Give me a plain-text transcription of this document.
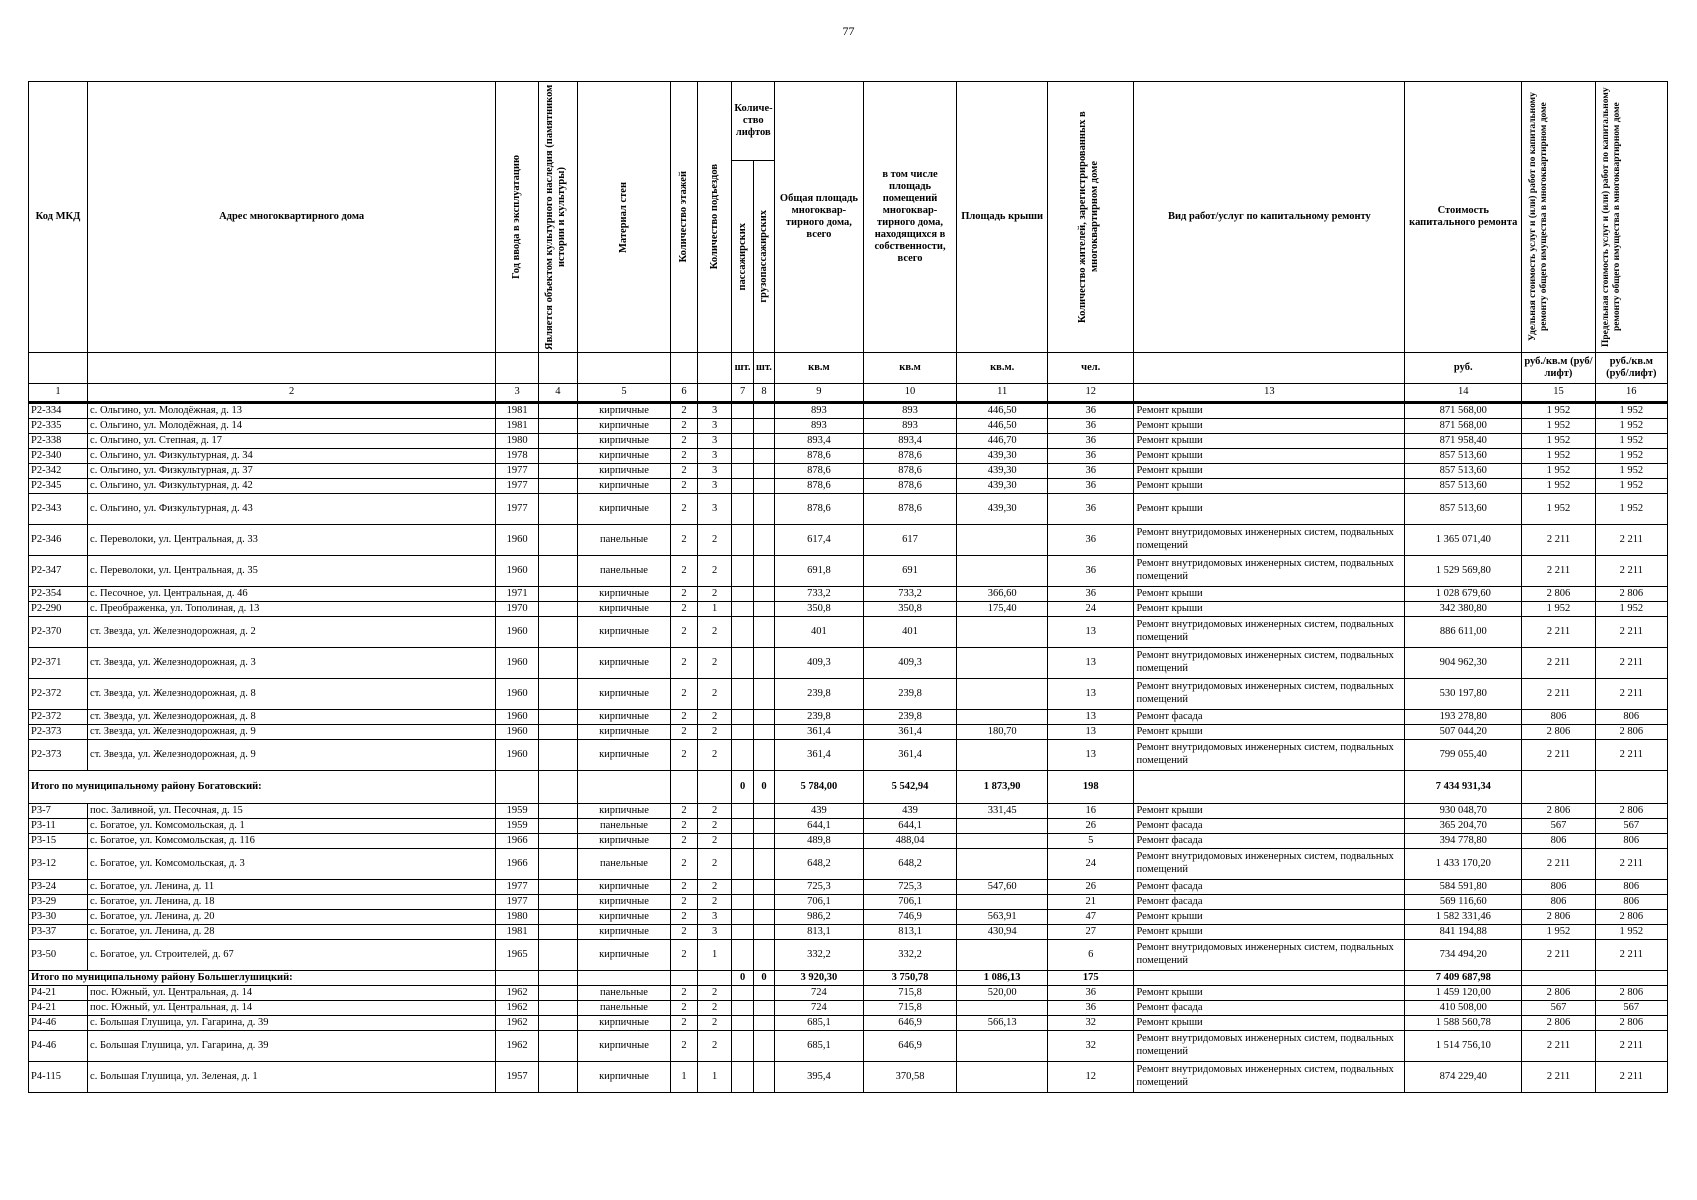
77
Код МКД	Адрес многоквартирного дома	Год ввода в эксплуатацию	Является объектом культурного наследия (памятником истории и культуры)	Материал стен	Количество этажей	Количество подъездов	Количе-ство лифтов		Общая площадь многоквар-тирного дома, всего	в том числе площадь помещений многоквар-тирного дома, находящихся в собственности, всего	Площадь крыши	Количество жителей, зарегистрированных в многоквартирном доме	Вид работ/услуг по капитальному ремонту	Стоимость капитального ремонта	Удельная стоимость услуг и (или) работ по капитальному ремонту общего имущества в многоквартирном доме	Предельная стоимость услуг и (или) работ по капитальному ремонту общего имущества в многоквартирном доме

							пассажирских	грузопассажирских								

							шт.	шт.	кв.м	кв.м	кв.м.	чел.		руб.	руб./кв.м (руб/лифт)	руб./кв.м (руб/лифт)
1	2	3	4	5	6		7	8	9	10	11	12	13	14	15	16
Р2-334	с. Ольгино, ул. Молодёжная, д. 13	1981		кирпичные	2	3			893	893	446,50	36	Ремонт крыши	871 568,00	1 952	1 952
Р2-335	с. Ольгино, ул. Молодёжная, д. 14	1981		кирпичные	2	3			893	893	446,50	36	Ремонт крыши	871 568,00	1 952	1 952
Р2-338	с. Ольгино, ул. Степная, д. 17	1980		кирпичные	2	3			893,4	893,4	446,70	36	Ремонт крыши	871 958,40	1 952	1 952
Р2-340	с. Ольгино, ул. Физкультурная, д. 34	1978		кирпичные	2	3			878,6	878,6	439,30	36	Ремонт крыши	857 513,60	1 952	1 952
Р2-342	с. Ольгино, ул. Физкультурная, д. 37	1977		кирпичные	2	3			878,6	878,6	439,30	36	Ремонт крыши	857 513,60	1 952	1 952
Р2-345	с. Ольгино, ул. Физкультурная, д. 42	1977		кирпичные	2	3			878,6	878,6	439,30	36	Ремонт крыши	857 513,60	1 952	1 952
Р2-343	с. Ольгино, ул. Физкультурная, д. 43	1977		кирпичные	2	3			878,6	878,6	439,30	36	Ремонт крыши	857 513,60	1 952	1 952
Р2-346	с. Переволоки, ул. Центральная, д. 33	1960		панельные	2	2			617,4	617		36	Ремонт внутридомовых инженерных систем, подвальных помещений	1 365 071,40	2 211	2 211
Р2-347	с. Переволоки, ул. Центральная, д. 35	1960		панельные	2	2			691,8	691		36	Ремонт внутридомовых инженерных систем, подвальных помещений	1 529 569,80	2 211	2 211
Р2-354	с. Песочное, ул. Центральная, д. 46	1971		кирпичные	2	2			733,2	733,2	366,60	36	Ремонт крыши	1 028 679,60	2 806	2 806
Р2-290	с. Преображенка, ул. Тополиная, д. 13	1970		кирпичные	2	1			350,8	350,8	175,40	24	Ремонт крыши	342 380,80	1 952	1 952
Р2-370	ст. Звезда, ул. Железнодорожная, д. 2	1960		кирпичные	2	2			401	401		13	Ремонт внутридомовых инженерных систем, подвальных помещений	886 611,00	2 211	2 211
Р2-371	ст. Звезда, ул. Железнодорожная, д. 3	1960		кирпичные	2	2			409,3	409,3		13	Ремонт внутридомовых инженерных систем, подвальных помещений	904 962,30	2 211	2 211
Р2-372	ст. Звезда, ул. Железнодорожная, д. 8	1960		кирпичные	2	2			239,8	239,8		13	Ремонт внутридомовых инженерных систем, подвальных помещений	530 197,80	2 211	2 211
Р2-372	ст. Звезда, ул. Железнодорожная, д. 8	1960		кирпичные	2	2			239,8	239,8		13	Ремонт фасада	193 278,80	806	806
Р2-373	ст. Звезда, ул. Железнодорожная, д. 9	1960		кирпичные	2	2			361,4	361,4	180,70	13	Ремонт крыши	507 044,20	2 806	2 806
Р2-373	ст. Звезда, ул. Железнодорожная, д. 9	1960		кирпичные	2	2			361,4	361,4		13	Ремонт внутридомовых инженерных систем, подвальных помещений	799 055,40	2 211	2 211
Итого по муниципальному району Богатовский:							0	0	5 784,00	5 542,94	1 873,90	198		7 434 931,34		
Р3-7	пос. Заливной, ул. Песочная, д. 15	1959		кирпичные	2	2			439	439	331,45	16	Ремонт крыши	930 048,70	2 806	2 806
Р3-11	с. Богатое, ул. Комсомольская, д. 1	1959		панельные	2	2			644,1	644,1		26	Ремонт фасада	365 204,70	567	567
Р3-15	с. Богатое, ул. Комсомольская, д. 116	1966		кирпичные	2	2			489,8	488,04		5	Ремонт фасада	394 778,80	806	806
Р3-12	с. Богатое, ул. Комсомольская, д. 3	1966		панельные	2	2			648,2	648,2		24	Ремонт внутридомовых инженерных систем, подвальных помещений	1 433 170,20	2 211	2 211
Р3-24	с. Богатое, ул. Ленина, д. 11	1977		кирпичные	2	2			725,3	725,3	547,60	26	Ремонт фасада	584 591,80	806	806
Р3-29	с. Богатое, ул. Ленина, д. 18	1977		кирпичные	2	2			706,1	706,1		21	Ремонт фасада	569 116,60	806	806
Р3-30	с. Богатое, ул. Ленина, д. 20	1980		кирпичные	2	3			986,2	746,9	563,91	47	Ремонт крыши	1 582 331,46	2 806	2 806
Р3-37	с. Богатое, ул. Ленина, д. 28	1981		кирпичные	2	3			813,1	813,1	430,94	27	Ремонт крыши	841 194,88	1 952	1 952
Р3-50	с. Богатое, ул. Строителей, д. 67	1965		кирпичные	2	1			332,2	332,2		6	Ремонт внутридомовых инженерных систем, подвальных помещений	734 494,20	2 211	2 211
Итого по муниципальному району Большеглушицкий:							0	0	3 920,30	3 750,78	1 086,13	175		7 409 687,98		
Р4-21	пос. Южный, ул. Центральная, д. 14	1962		панельные	2	2			724	715,8	520,00	36	Ремонт крыши	1 459 120,00	2 806	2 806
Р4-21	пос. Южный, ул. Центральная, д. 14	1962		панельные	2	2			724	715,8		36	Ремонт фасада	410 508,00	567	567
Р4-46	с. Большая Глушица, ул. Гагарина, д. 39	1962		кирпичные	2	2			685,1	646,9	566,13	32	Ремонт крыши	1 588 560,78	2 806	2 806
Р4-46	с. Большая Глушица, ул. Гагарина, д. 39	1962		кирпичные	2	2			685,1	646,9		32	Ремонт внутридомовых инженерных систем, подвальных помещений	1 514 756,10	2 211	2 211
Р4-115	с. Большая Глушица, ул. Зеленая, д. 1	1957		кирпичные	1	1			395,4	370,58		12	Ремонт внутридомовых инженерных систем, подвальных помещений	874 229,40	2 211	2 211
